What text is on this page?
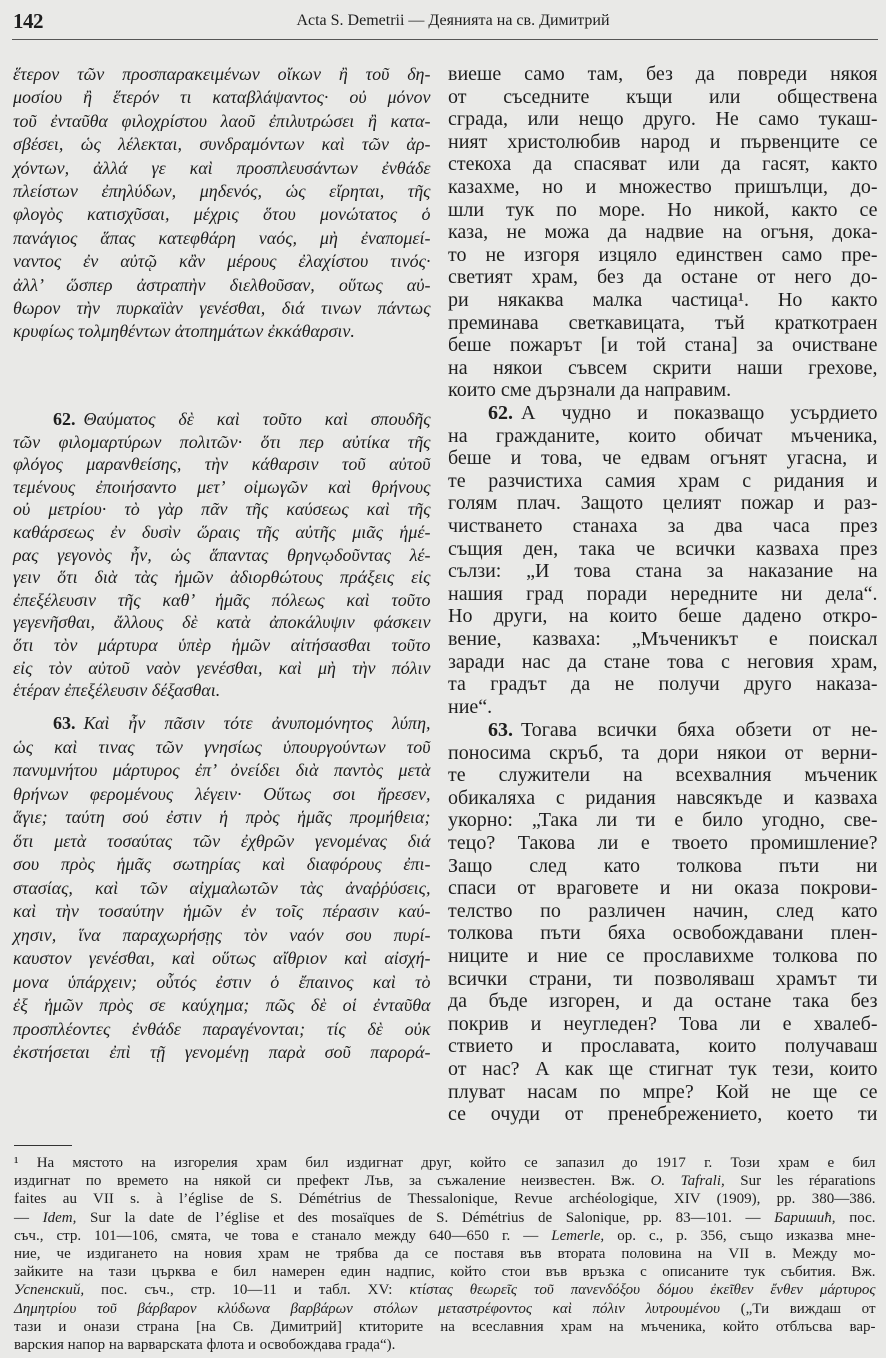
142	Acta S. Demetrii — Деянията на св. Димитрий
ἕτερον τῶν προσπαρακειμένων οἴκων ἢ τοῦ δη-
μοσίου ἢ ἕτερόν τι καταβλάψαντος· οὐ μόνον
τοῦ ἐνταῦθα φιλοχρίστου λαοῦ ἐπιλυτρώσει ἢ κατα-
σβέσει, ὡς λέλεκται, συνδραμόντων καὶ τῶν ἀρ-
χόντων, ἀλλά γε καὶ προσπλευσάντων ἐνθάδε
πλείστων ἐπηλύδων, μηδενός, ὡς εἴρηται, τῆς
φλογὸς κατισχῦσαι, μέχρις ὅτου μονώτατος ὁ
πανάγιος ἅπας κατεφθάρη ναός, μὴ ἐναπομεί-
ναντος ἐν αὐτῷ κἂν μέρους ἐλαχίστου τινός·
ἀλλ’ ὥσπερ ἀστραπὴν διελθοῦσαν, οὕτως αὐ-
θωρον τὴν πυρκαϊὰν γενέσθαι, διά τινων πάντως
κρυφίως τολμηθέντων ἀτοπημάτων ἐκκάθαρσιν.
62. Θαύματος δὲ καὶ τοῦτο καὶ σπουδῆς
τῶν φιλομαρτύρων πολιτῶν· ὅτι περ αὐτίκα τῆς
φλόγος μαρανθείσης, τὴν κάθαρσιν τοῦ αὐτοῦ
τεμένους ἐποιήσαντο μετ’ οἰμωγῶν καὶ θρήνους
οὐ μετρίου· τὸ γὰρ πᾶν τῆς καύσεως καὶ τῆς
καθάρσεως ἐν δυσὶν ὥραις τῆς αὐτῆς μιᾶς ἡμέ-
ρας γεγονὸς ἦν, ὡς ἅπαντας θρηνῳδοῦντας λέ-
γειν ὅτι διὰ τὰς ἡμῶν ἀδιορθώτους πράξεις εἰς
ἐπεξέλευσιν τῆς καθ’ ἡμᾶς πόλεως καὶ τοῦτο
γεγενῆσθαι, ἄλλους δὲ κατὰ ἀποκάλυψιν φάσκειν
ὅτι τὸν μάρτυρα ὑπὲρ ἡμῶν αἰτήσασθαι τοῦτο
εἰς τὸν αὐτοῦ ναὸν γενέσθαι, καὶ μὴ τὴν πόλιν
ἑτέραν ἐπεξέλευσιν δέξασθαι.
63. Καὶ ἦν πᾶσιν τότε ἀνυπομόνητος λύπη,
ὡς καὶ τινας τῶν γνησίως ὑπουργούντων τοῦ
πανυμνήτου μάρτυρος ἐπ’ ὀνείδει διὰ παντὸς μετὰ
θρήνων φερομένους λέγειν· Οὕτως σοι ἤρεσεν,
ἅγιε; ταύτη σού ἐστιν ἡ πρὸς ἡμᾶς προμήθεια;
ὅτι μετὰ τοσαύτας τῶν ἐχθρῶν γενομένας διά
σου πρὸς ἡμᾶς σωτηρίας καὶ διαφόρους ἐπι-
στασίας, καὶ τῶν αἰχμαλωτῶν τὰς ἀναῤῥύσεις,
καὶ τὴν τοσαύτην ἡμῶν ἐν τοῖς πέρασιν καύ-
χησιν, ἵνα παραχωρήσῃς τὸν ναόν σου πυρί-
καυστον γενέσθαι, καὶ οὕτως αἴθριον καὶ αἰσχή-
μονα ὑπάρχειν; οὗτός ἐστιν ὁ ἔπαινος καὶ τὸ
ἐξ ἡμῶν πρὸς σε καύχημα; πῶς δὲ οἱ ἐνταῦθα
προσπλέοντες ἐνθάδε παραγένονται; τίς δὲ οὐκ
ἐκστήσεται ἐπὶ τῇ γενομένῃ παρὰ σοῦ παρορά-
виеше само там, без да повреди някоя
от съседните къщи или обществена
сграда, или нещо друго. Не само тукаш-
ният христолюбив народ и първенците се
стекоха да спасяват или да гасят, както
казахме, но и множество пришълци, до-
шли тук по море. Но никой, както се
каза, не можа да надвие на огъня, дока-
то не изгоря изцяло единствен само пре-
светият храм, без да остане от него до-
ри някаква малка частица¹. Но както
преминава светкавицата, тъй краткотраен
беше пожарът [и той стана] за очистване
на някои съвсем скрити наши грехове,
които сме дързнали да направим.
62. А чудно и показващо усърдието
на гражданите, които обичат мъченика,
беше и това, че едвам огънят угасна, и
те разчистиха самия храм с ридания и
голям плач. Защото целият пожар и раз-
чистването станаха за два часа през
същия ден, така че всички казваха през
сълзи: „И това стана за наказание на
нашия град поради нередните ни дела“.
Но други, на които беше дадено откро-
вение, казваха: „Мъченикът е поискал
заради нас да стане това с неговия храм,
та градът да не получи друго наказа-
ние“.
63. Тогава всички бяха обзети от не-
поносима скръб, та дори някои от верни-
те служители на всехвалния мъченик
обикаляха с ридания навсякъде и казваха
укорно: „Така ли ти е било угодно, све-
тецо? Такова ли е твоето промишление?
Защо след като толкова пъти ни
спаси от враговете и ни оказа покрови-
телство по различен начин, след като
толкова пъти бяха освобождавани плен-
ниците и ние се прославихме толкова по
всички страни, ти позволяваш храмът ти
да бъде изгорен, и да остане така без
покрив и неугледен? Това ли е хвалеб-
ствието и прославата, които получаваш
от нас? А как ще стигнат тук тези, които
плуват насам по мпре? Кой не ще се
се очуди от пренебрежението, което ти
¹ На мястото на изгорелия храм бил издигнат друг, който се запазил до 1917 г. Този храм е бил
издигнат по времето на някой си префект Лъв, за съжаление неизвестен. Вж. O. Tafrali, Sur les réparations
faites au VII s. à l’église de S. Démétrius de Thessalonique, Revue archéologique, XIV (1909), pp. 380—386.
— Idem, Sur la date de l’église et des mosaïques de S. Démétrius de Salonique, pp. 83—101. — Баришић, пос.
съч., стр. 101—106, смята, че това е станало между 640—650 г. — Lemerle, op. c., p. 356, също изказва мне-
ние, че издигането на новия храм не трябва да се поставя във втората половина на VII в. Между мо-
зайките на тази църква е бил намерен един надпис, който стои във връзка с описаните тук събития. Вж.
Успенский, пос. съч., стр. 10—11 и табл. XV: κτίστας θεωρεῖς τοῦ πανενδόξου δόμου ἐκεῖθεν ἔνθεν μάρτυρος
Δημητρίου τοῦ βάρβαρον κλύδωνα βαρβάρων στόλων μεταστρέφοντος καὶ πόλιν λυτρουμένου („Ти виждаш от
тази и онази страна [на Св. Димитрий] ктиторите на всеславния храм на мъченика, който отблъсва вар-
варския напор на варварската флота и освобождава града“).
